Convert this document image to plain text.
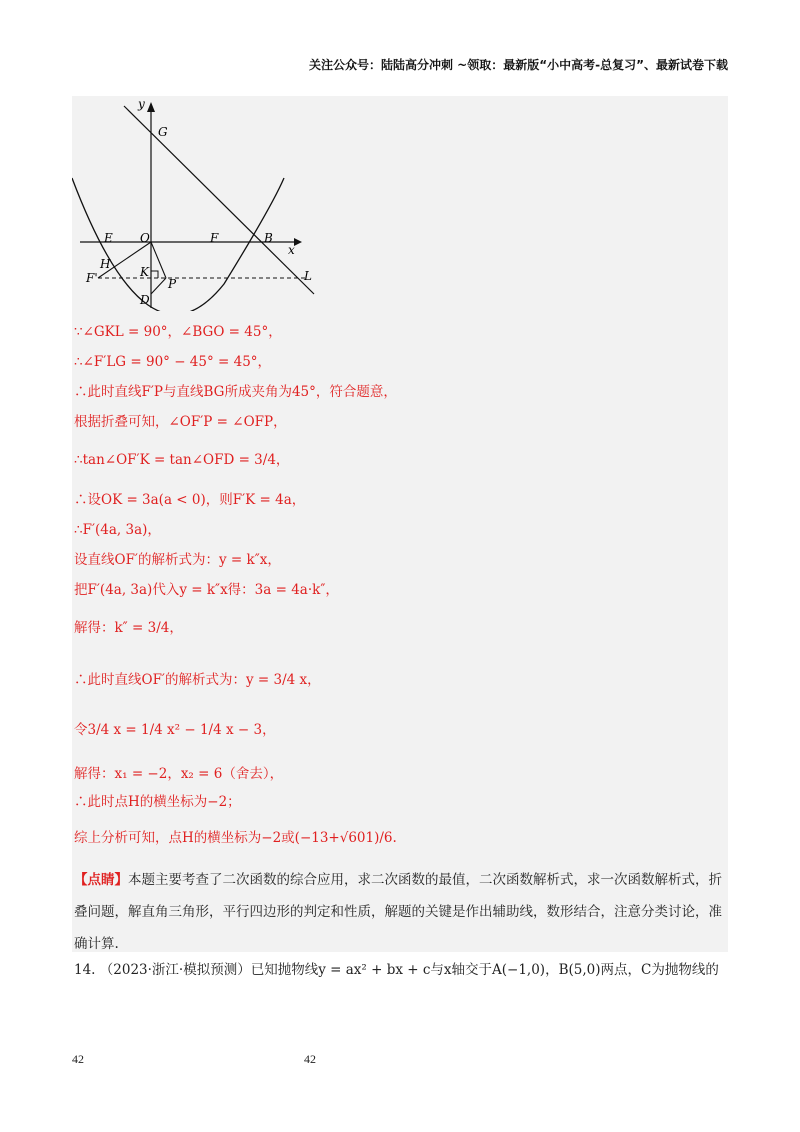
关注公众号：陆陆高分冲刺 ~领取：最新版“小中高考-总复习”、最新试卷下载
y
G
E O	F	B
x
H
F'	K
P
L
D
∵∠GKL = 90°，∠BGO = 45°，
∴∠F′LG = 90° − 45° = 45°，
∴此时直线F′P与直线BG所成夹角为45°，符合题意，
根据折叠可知，∠OF′P = ∠OFP，
∴tan∠OF′K = tan∠OFD = 3/4，
∴设OK = 3a(a < 0)，则F′K = 4a，
∴F′(4a, 3a)，
设直线OF′的解析式为：y = k″x，
把F′(4a, 3a)代入y = k″x得：3a = 4a·k″，
解得：k″ = 3/4，
∴此时直线OF′的解析式为：y = 3/4 x，
令3/4 x = 1/4 x² − 1/4 x − 3，
解得：x₁ = −2，x₂ = 6（舍去），
∴此时点H的横坐标为−2；
综上分析可知，点H的横坐标为−2或(−13+√601)/6.
【点睛】本题主要考查了二次函数的综合应用，求二次函数的最值，二次函数解析式，求一次函数解析式，折叠问题，解直角三角形，平行四边形的判定和性质，解题的关键是作出辅助线，数形结合，注意分类讨论，准确计算.
14. （2023·浙江·模拟预测）已知抛物线y = ax² + bx + c与x轴交于A(−1,0)，B(5,0)两点，C为抛物线的
42	42
